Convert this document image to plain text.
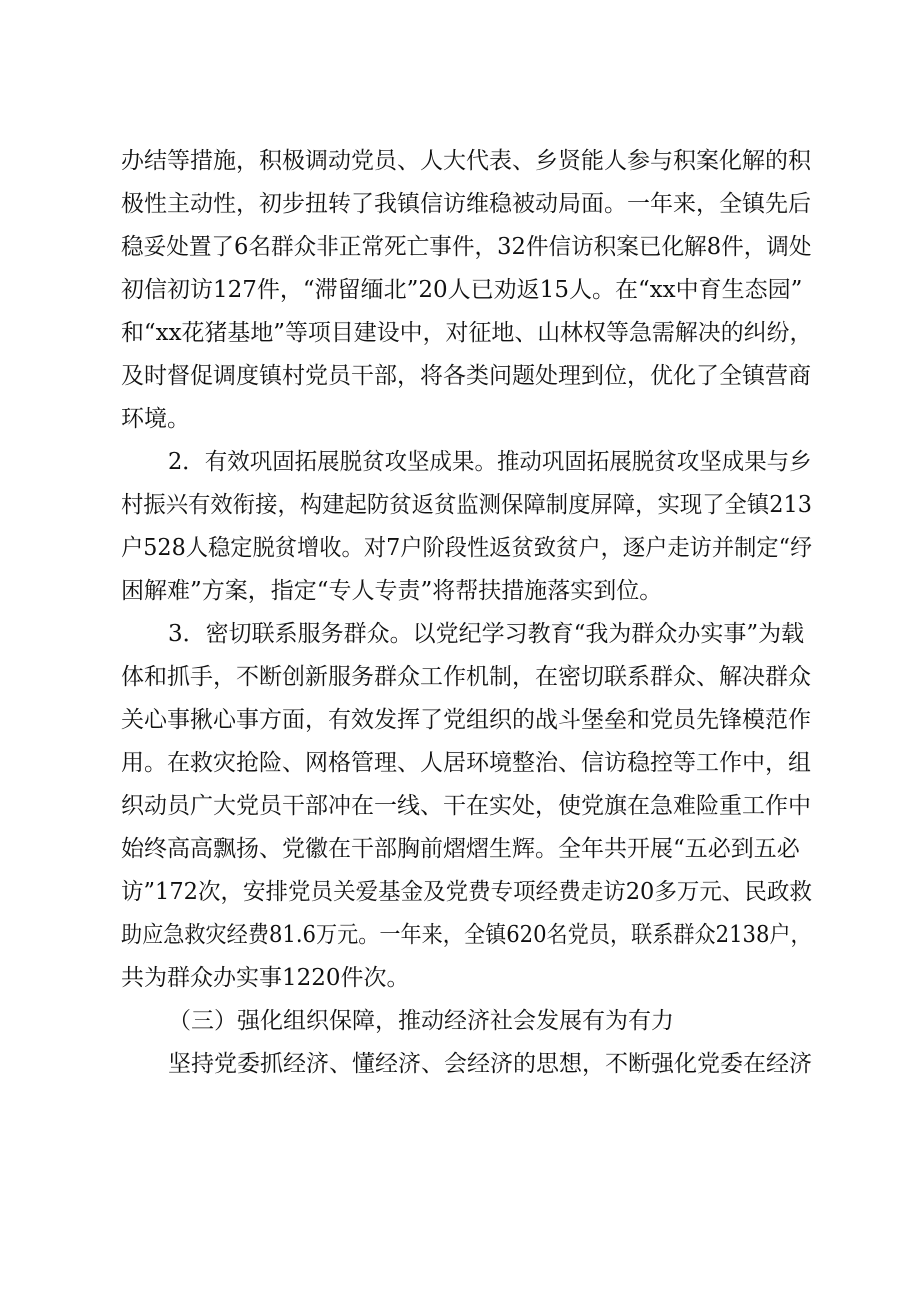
办结等措施，积极调动党员、人大代表、乡贤能人参与积案化解的积
极性主动性，初步扭转了我镇信访维稳被动局面。一年来，全镇先后
稳妥处置了6名群众非正常死亡事件，32件信访积案已化解8件，调处
初信初访127件，“滞留缅北”20人已劝返15人。在“xx中育生态园”
和“xx花猪基地”等项目建设中，对征地、山林权等急需解决的纠纷，
及时督促调度镇村党员干部，将各类问题处理到位，优化了全镇营商
环境。
2．有效巩固拓展脱贫攻坚成果。推动巩固拓展脱贫攻坚成果与乡
村振兴有效衔接，构建起防贫返贫监测保障制度屏障，实现了全镇213
户528人稳定脱贫增收。对7户阶段性返贫致贫户，逐户走访并制定“纾
困解难”方案，指定“专人专责”将帮扶措施落实到位。
3．密切联系服务群众。以党纪学习教育“我为群众办实事”为载
体和抓手，不断创新服务群众工作机制，在密切联系群众、解决群众
关心事揪心事方面，有效发挥了党组织的战斗堡垒和党员先锋模范作
用。在救灾抢险、网格管理、人居环境整治、信访稳控等工作中，组
织动员广大党员干部冲在一线、干在实处，使党旗在急难险重工作中
始终高高飘扬、党徽在干部胸前熠熠生辉。全年共开展“五必到五必
访”172次，安排党员关爱基金及党费专项经费走访20多万元、民政救
助应急救灾经费81.6万元。一年来，全镇620名党员，联系群众2138户，
共为群众办实事1220件次。
（三）强化组织保障，推动经济社会发展有为有力
坚持党委抓经济、懂经济、会经济的思想，不断强化党委在经济
